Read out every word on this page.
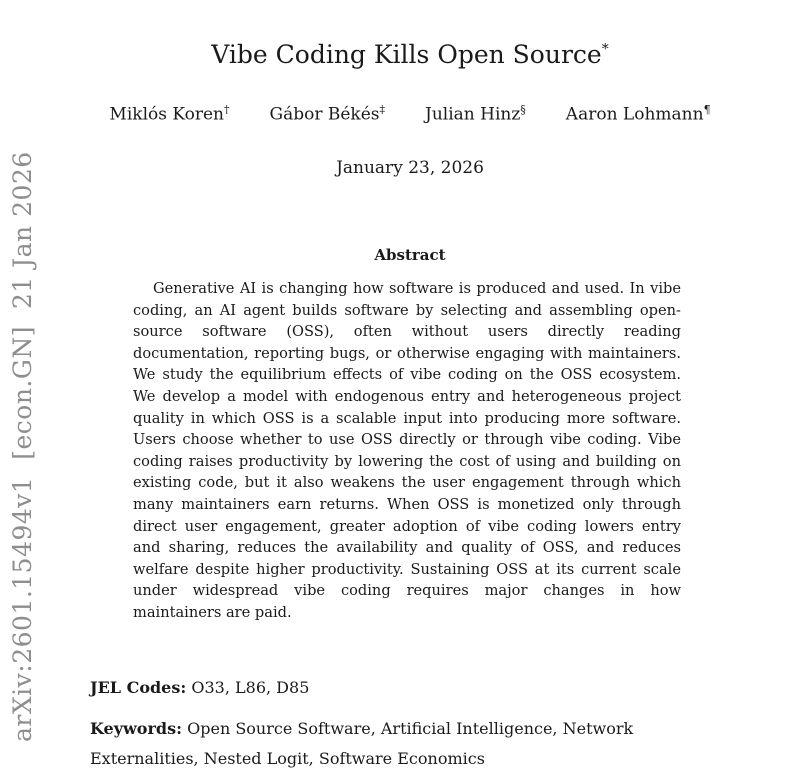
arXiv:2601.15494v1  [econ.GN]  21 Jan 2026
Vibe Coding Kills Open Source*
Miklós Koren† Gábor Békés‡ Julian Hinz§ Aaron Lohmann¶
January 23, 2026
Abstract
Generative AI is changing how software is produced and used. In vibe coding, an AI agent builds software by selecting and assembling open-source software (OSS), often without users directly reading documentation, reporting bugs, or otherwise engaging with maintainers. We study the equilibrium effects of vibe coding on the OSS ecosystem. We develop a model with endogenous entry and heterogeneous project quality in which OSS is a scalable input into producing more software. Users choose whether to use OSS directly or through vibe coding. Vibe coding raises productivity by lowering the cost of using and building on existing code, but it also weakens the user engagement through which many maintainers earn returns. When OSS is monetized only through direct user engagement, greater adoption of vibe coding lowers entry and sharing, reduces the availability and quality of OSS, and reduces welfare despite higher productivity. Sustaining OSS at its current scale under widespread vibe coding requires major changes in how maintainers are paid.
JEL Codes: O33, L86, D85
Keywords: Open Source Software, Artificial Intelligence, Network Externalities, Nested Logit, Software Economics
